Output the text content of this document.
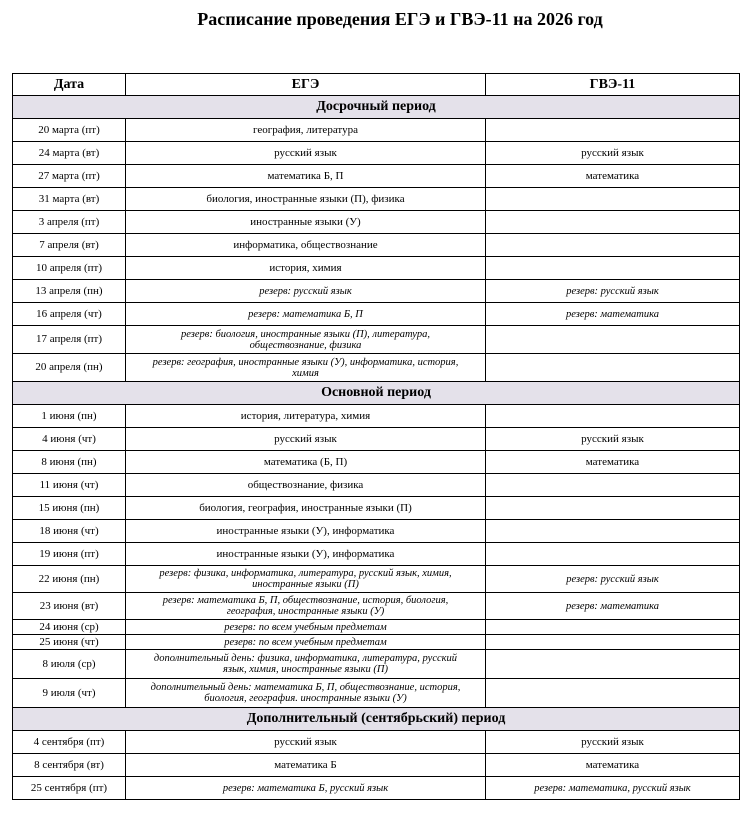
Расписание проведения ЕГЭ и ГВЭ-11 на 2026 год
Дата	ЕГЭ	ГВЭ-11
Досрочный период		
20 марта (пт)	география, литература	
24 марта (вт)	русский язык	русский язык
27 марта (пт)	математика Б, П	математика
31 марта (вт)	биология, иностранные языки (П), физика	
3 апреля (пт)	иностранные языки (У)	
7 апреля (вт)	информатика, обществознание	
10 апреля (пт)	история, химия	
13 апреля (пн)	резерв: русский язык	резерв: русский язык
16 апреля (чт)	резерв: математика Б, П	резерв: математика
17 апреля (пт)	резерв: биология, иностранные языки (П), литература, обществознание, физика	
20 апреля (пн)	резерв: география, иностранные языки (У), информатика, история, химия	
Основной период		
1 июня (пн)	история, литература, химия	
4 июня (чт)	русский язык	русский язык
8 июня (пн)	математика (Б, П)	математика
11 июня (чт)	обществознание, физика	
15 июня (пн)	биология, география, иностранные языки (П)	
18 июня (чт)	иностранные языки (У), информатика	
19 июня (пт)	иностранные языки (У), информатика	
22 июня (пн)	резерв: физика, информатика, литература, русский язык, химия, иностранные языки (П)	резерв: русский язык
23 июня (вт)	резерв: математика Б, П, обществознание, история, биология, география, иностранные языки (У)	резерв: математика
24 июня (ср)	резерв: по всем учебным предметам	
25 июня (чт)	резерв: по всем учебным предметам	
8 июля (ср)	дополнительный день: физика, информатика, литература, русский язык, химия, иностранные языки (П)	
9 июля (чт)	дополнительный день: математика Б, П, обществознание, история, биология, география. иностранные языки (У)	
Дополнительный (сентябрьский) период		
4 сентября (пт)	русский язык	русский язык
8 сентября (вт)	математика Б	математика
25 сентября (пт)	резерв: математика Б, русский язык	резерв: математика, русский язык
